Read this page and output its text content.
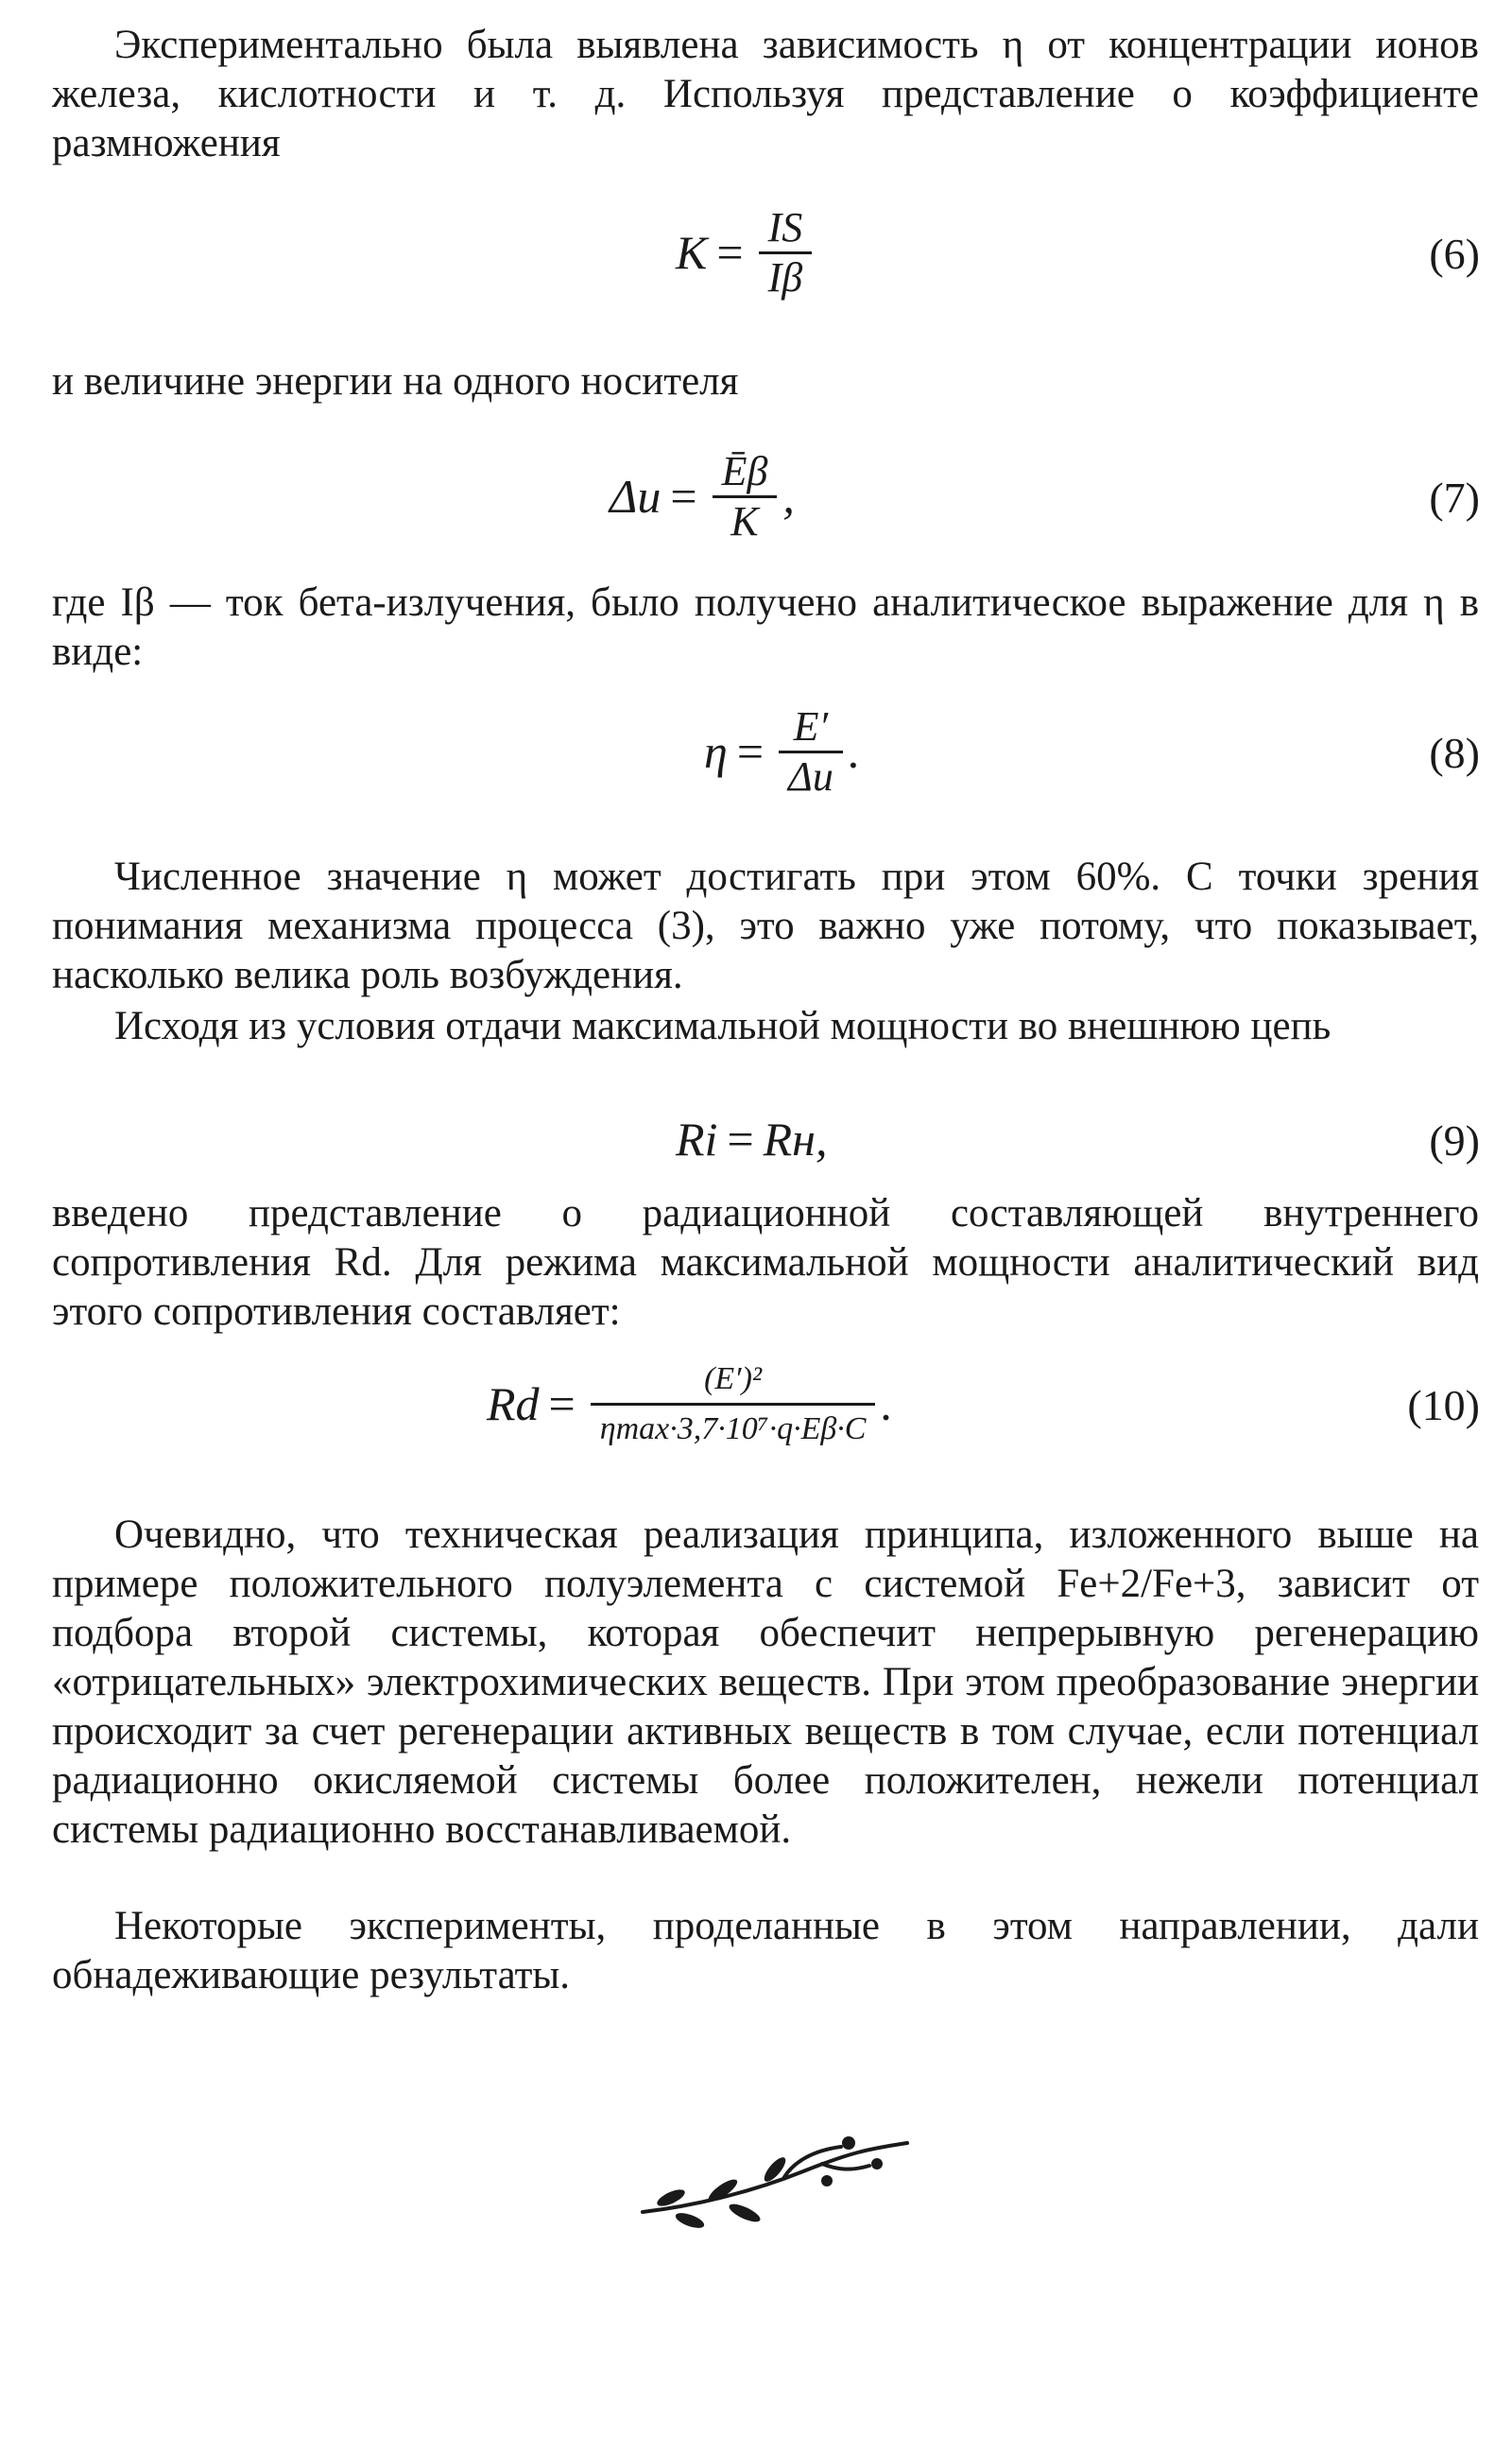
Экспериментально была выявлена зависимость η от концентрации ионов железа, кислотности и т. д. Используя представление о коэффициенте размножения

$K = \frac{IS}{I\beta}$	(6)

и величине энергии на одного носителя

$\Delta u = \frac{Ē\beta}{K}$ ,	(7)

где Iβ — ток бета-излучения, было получено аналитическое выражение для η в виде:

$\eta = \frac{E'}{\Delta u}$ .	(8)

Численное значение η может достигать при этом 60%. С точки зрения понимания механизма процесса (3), это важно уже потому, что показывает, насколько велика роль возбуждения.

Исходя из условия отдачи максимальной мощности во внешнюю цепь

Ri = Rн,	(9)

введено представление о радиационной составляющей внутреннего сопротивления Rd. Для режима максимальной мощности аналитический вид этого сопротивления составляет:

$Rd = \frac{\text{(E′)²}}{\text{ηmax·3,7·10⁷·q·Eβ·C}}$ .	(10)

Очевидно, что техническая реализация принципа, изложенного выше на примере положительного полуэлемента с системой Fe+2/Fe+3, зависит от подбора второй системы, которая обеспечит непрерывную регенерацию «отрицательных» электрохимических веществ. При этом преобразование энергии происходит за счет регенерации активных веществ в том случае, если потенциал радиационно окисляемой системы более положителен, нежели потенциал системы радиационно восстанавливаемой.

Некоторые эксперименты, проделанные в этом направлении, дали обнадеживающие результаты.
